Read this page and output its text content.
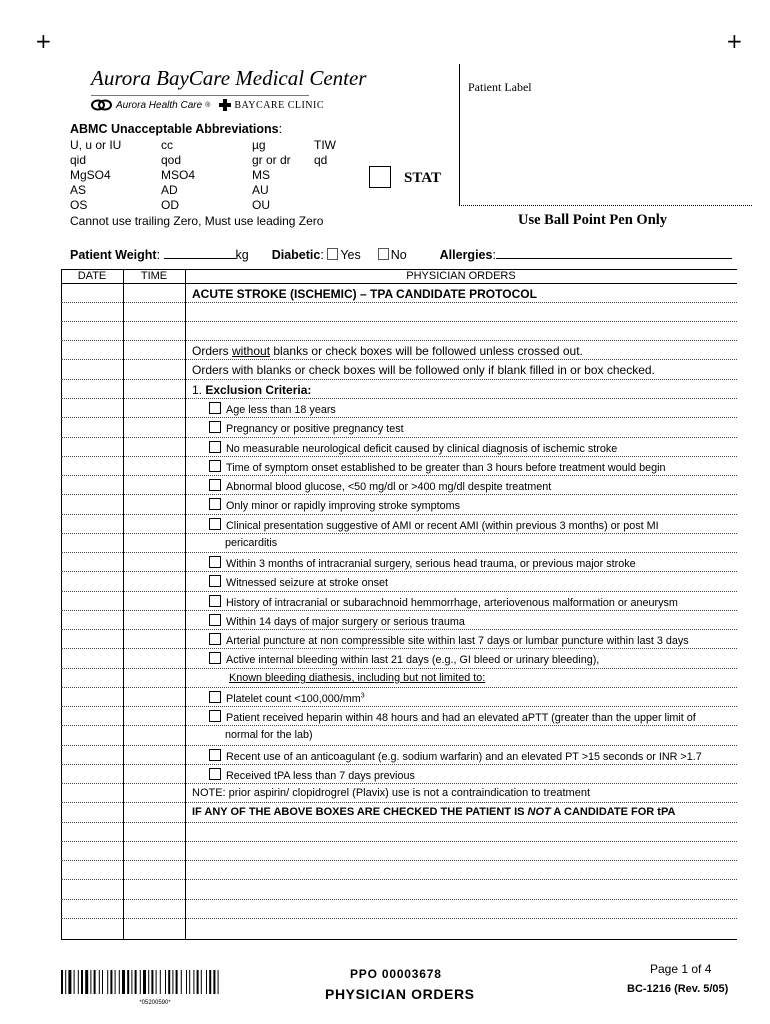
+	+
Aurora BayCare Medical Center
Aurora Health Care ® BAYCARE CLINIC
Patient Label
STAT
Use Ball Point Pen Only
ABMC Unacceptable Abbreviations:
U, u or IU	cc	µg	TIW
qid	qod	gr or dr	qd
MgSO4	MSO4	MS
AS	AD	AU
OS	OD	OU
Cannot use trailing Zero, Must use leading Zero
Patient Weight:	kg Diabetic: Yes No	Allergies:
DATE	TIME	PHYSICIAN ORDERS
ACUTE STROKE (ISCHEMIC) – TPA CANDIDATE PROTOCOL
Orders without blanks or check boxes will be followed unless crossed out.
Orders with blanks or check boxes will be followed only if blank filled in or box checked.
1. Exclusion Criteria:
Age less than 18 years
Pregnancy or positive pregnancy test
No measurable neurological deficit caused by clinical diagnosis of ischemic stroke
Time of symptom onset established to be greater than 3 hours before treatment would begin
Abnormal blood glucose, <50 mg/dl or >400 mg/dl despite treatment
Only minor or rapidly improving stroke symptoms
Clinical presentation suggestive of AMI or recent AMI (within previous 3 months) or post MI
pericarditis
Within 3 months of intracranial surgery, serious head trauma, or previous major stroke
Witnessed seizure at stroke onset
History of intracranial or subarachnoid hemmorrhage, arteriovenous malformation or aneurysm
Within 14 days of major surgery or serious trauma
Arterial puncture at non compressible site within last 7 days or lumbar puncture within last 3 days
Active internal bleeding within last 21 days (e.g., GI bleed or urinary bleeding),
Known bleeding diathesis, including but not limited to:
Platelet count $<100,000/mm^3$
Patient received heparin within 48 hours and had an elevated aPTT (greater than the upper limit of
normal for the lab)
Recent use of an anticoagulant (e.g. sodium warfarin) and an elevated PT >15 seconds or INR >1.7
Received tPA less than 7 days previous
NOTE: prior aspirin/ clopidrogrel (Plavix) use is not a contraindication to treatment
IF ANY OF THE ABOVE BOXES ARE CHECKED THE PATIENT IS NOT A CANDIDATE FOR tPA
*05200590*
PPO 00003678
PHYSICIAN ORDERS
Page 1 of 4
BC-1216 (Rev. 5/05)
